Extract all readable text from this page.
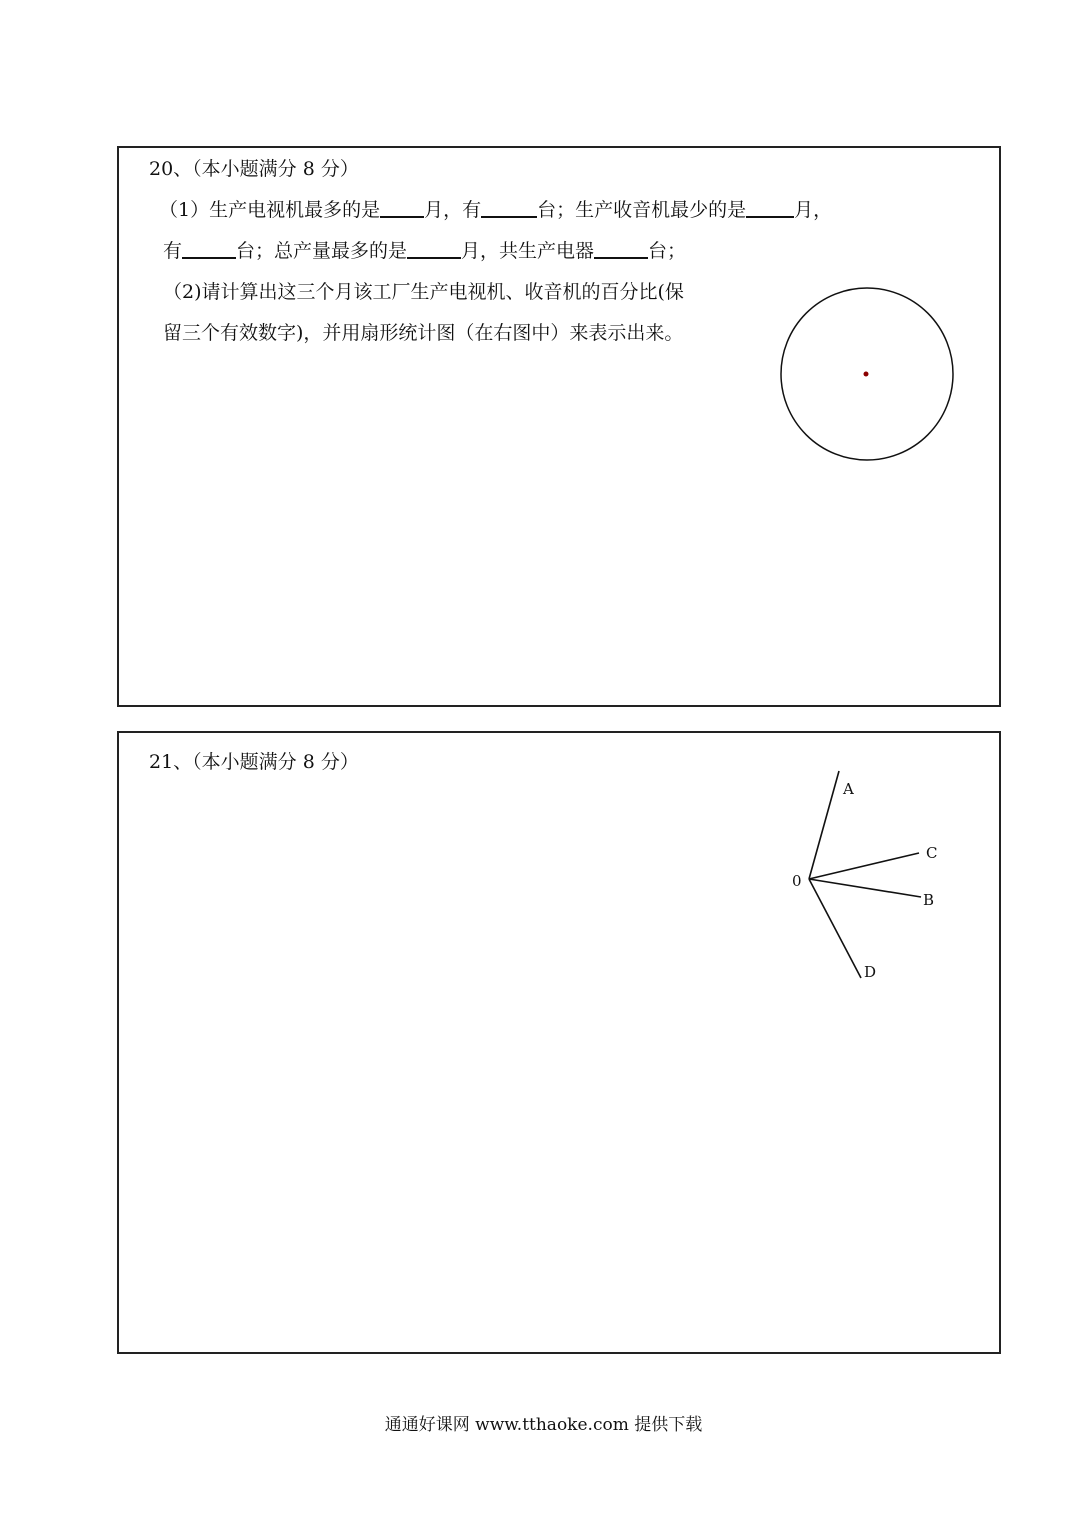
20、（本小题满分 8 分）
（1）生产电视机最多的是 月，有	台；生产收音机最少的是	月，
有	台；总产量最多的是	月，共生产电器	台；
（2)请计算出这三个月该工厂生产电视机、收音机的百分比(保
留三个有效数字)，并用扇形统计图（在右图中）来表示出来。
21、（本小题满分 8 分）
0
A
C
B
D
通通好课网 www.tthaoke.com 提供下载
